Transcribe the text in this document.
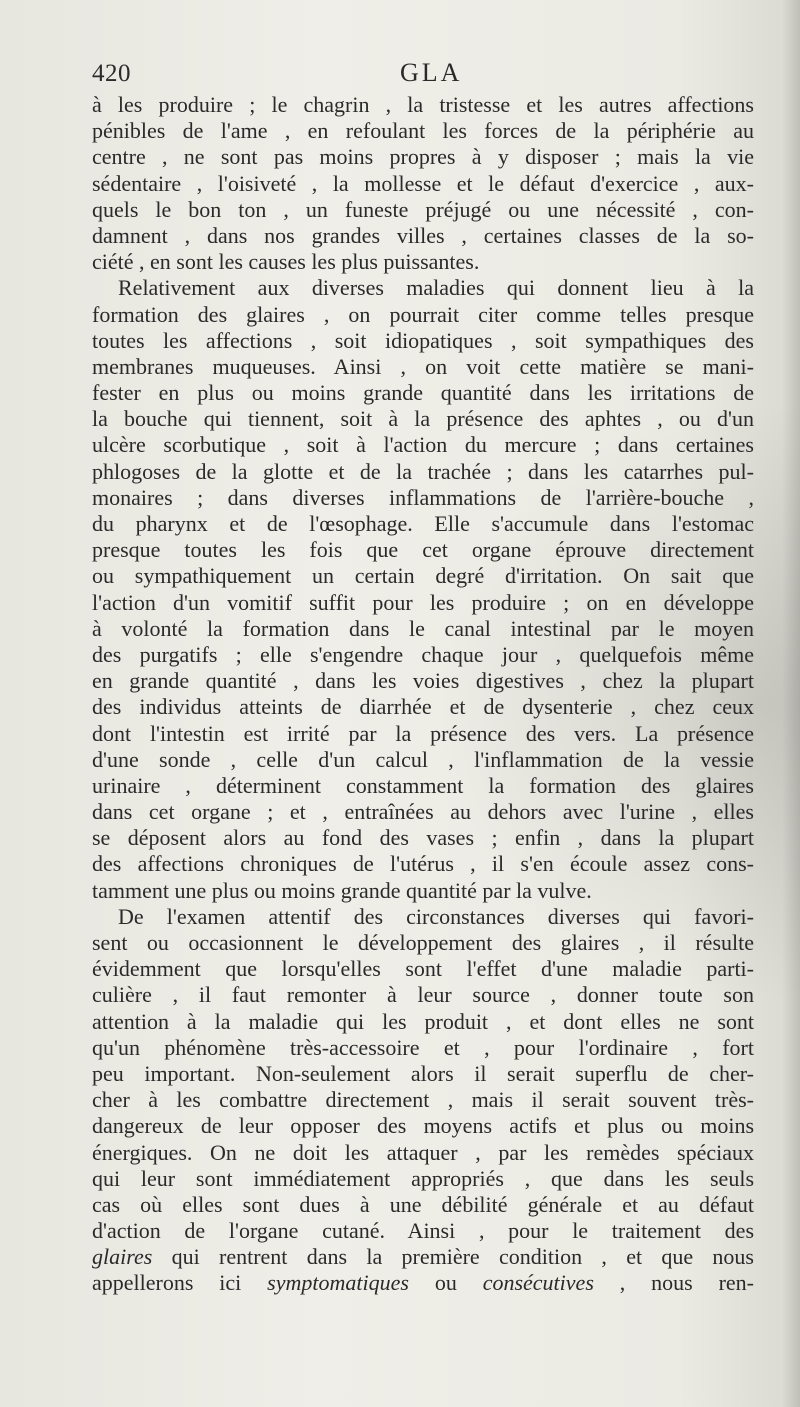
420	GLA
à les produire ; le chagrin , la tristesse et les autres affections
pénibles de l'ame , en refoulant les forces de la périphérie au
centre , ne sont pas moins propres à y disposer ; mais la vie
sédentaire , l'oisiveté , la mollesse et le défaut d'exercice , aux-
quels le bon ton , un funeste préjugé ou une nécessité , con-
damnent , dans nos grandes villes , certaines classes de la so-
ciété , en sont les causes les plus puissantes.
Relativement aux diverses maladies qui donnent lieu à la
formation des glaires , on pourrait citer comme telles presque
toutes les affections , soit idiopatiques , soit sympathiques des
membranes muqueuses. Ainsi , on voit cette matière se mani-
fester en plus ou moins grande quantité dans les irritations de
la bouche qui tiennent, soit à la présence des aphtes , ou d'un
ulcère scorbutique , soit à l'action du mercure ; dans certaines
phlogoses de la glotte et de la trachée ; dans les catarrhes pul-
monaires ; dans diverses inflammations de l'arrière-bouche ,
du pharynx et de l'œsophage. Elle s'accumule dans l'estomac
presque toutes les fois que cet organe éprouve directement
ou sympathiquement un certain degré d'irritation. On sait que
l'action d'un vomitif suffit pour les produire ; on en développe
à volonté la formation dans le canal intestinal par le moyen
des purgatifs ; elle s'engendre chaque jour , quelquefois même
en grande quantité , dans les voies digestives , chez la plupart
des individus atteints de diarrhée et de dysenterie , chez ceux
dont l'intestin est irrité par la présence des vers. La présence
d'une sonde , celle d'un calcul , l'inflammation de la vessie
urinaire , déterminent constamment la formation des glaires
dans cet organe ; et , entraînées au dehors avec l'urine , elles
se déposent alors au fond des vases ; enfin , dans la plupart
des affections chroniques de l'utérus , il s'en écoule assez cons-
tamment une plus ou moins grande quantité par la vulve.
De l'examen attentif des circonstances diverses qui favori-
sent ou occasionnent le développement des glaires , il résulte
évidemment que lorsqu'elles sont l'effet d'une maladie parti-
culière , il faut remonter à leur source , donner toute son
attention à la maladie qui les produit , et dont elles ne sont
qu'un phénomène très-accessoire et , pour l'ordinaire , fort
peu important. Non-seulement alors il serait superflu de cher-
cher à les combattre directement , mais il serait souvent très-
dangereux de leur opposer des moyens actifs et plus ou moins
énergiques. On ne doit les attaquer , par les remèdes spéciaux
qui leur sont immédiatement appropriés , que dans les seuls
cas où elles sont dues à une débilité générale et au défaut
d'action de l'organe cutané. Ainsi , pour le traitement des
glaires qui rentrent dans la première condition , et que nous
appellerons ici symptomatiques ou consécutives , nous ren-
